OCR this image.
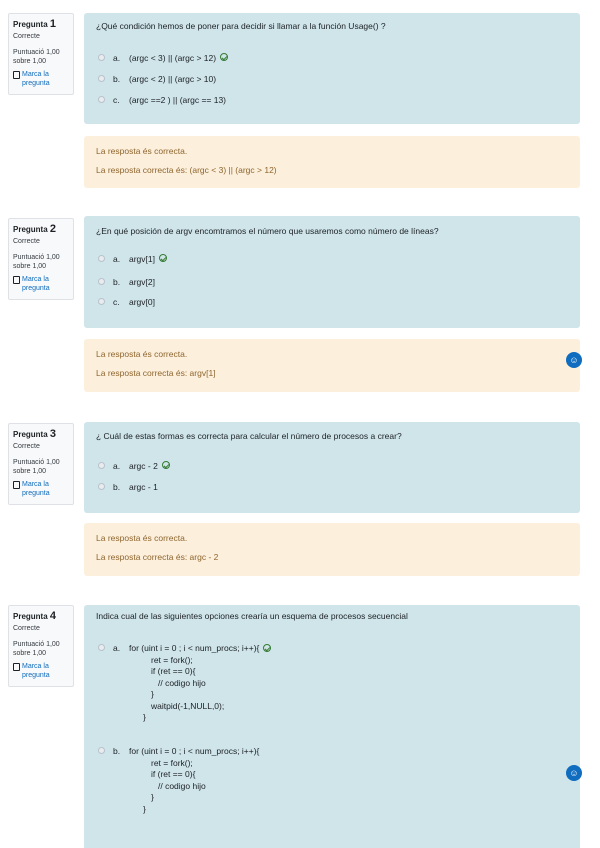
Pregunta 1
Correcte
Puntuació 1,00
sobre 1,00
Marca la
pregunta
¿Qué condición hemos de poner para decidir si llamar a la función Usage() ?
a.	(argc < 3) || (argc > 12)
b.	(argc < 2) || (argc > 10)
c.	(argc ==2 ) || (argc == 13)
La resposta és correcta.
La resposta correcta és: (argc < 3) || (argc > 12)
Pregunta 2
Correcte
Puntuació 1,00
sobre 1,00
Marca la
pregunta
¿En qué posición de argv encomtramos el número que usaremos como número de líneas?
a.	argv[1]
b.	argv[2]
c.	argv[0]
La resposta és correcta.
La resposta correcta és: argv[1]
☺
Pregunta 3
Correcte
Puntuació 1,00
sobre 1,00
Marca la
pregunta
¿ Cuál de estas formas es correcta para calcular el número de procesos a crear?
a.	argc - 2
b.	argc - 1
La resposta és correcta.
La resposta correcta és: argc - 2
Pregunta 4
Correcte
Puntuació 1,00
sobre 1,00
Marca la
pregunta
Indica cual de las siguientes opciones crearía un esquema de procesos secuencial
a.	for (uint i = 0 ; i < num_procs; i++){
ret = fork();
if (ret == 0){
// codigo hijo
}
waitpid(-1,NULL,0);
}
b.	for (uint i = 0 ; i < num_procs; i++){
ret = fork();
if (ret == 0){
// codigo hijo
}
}
☺
